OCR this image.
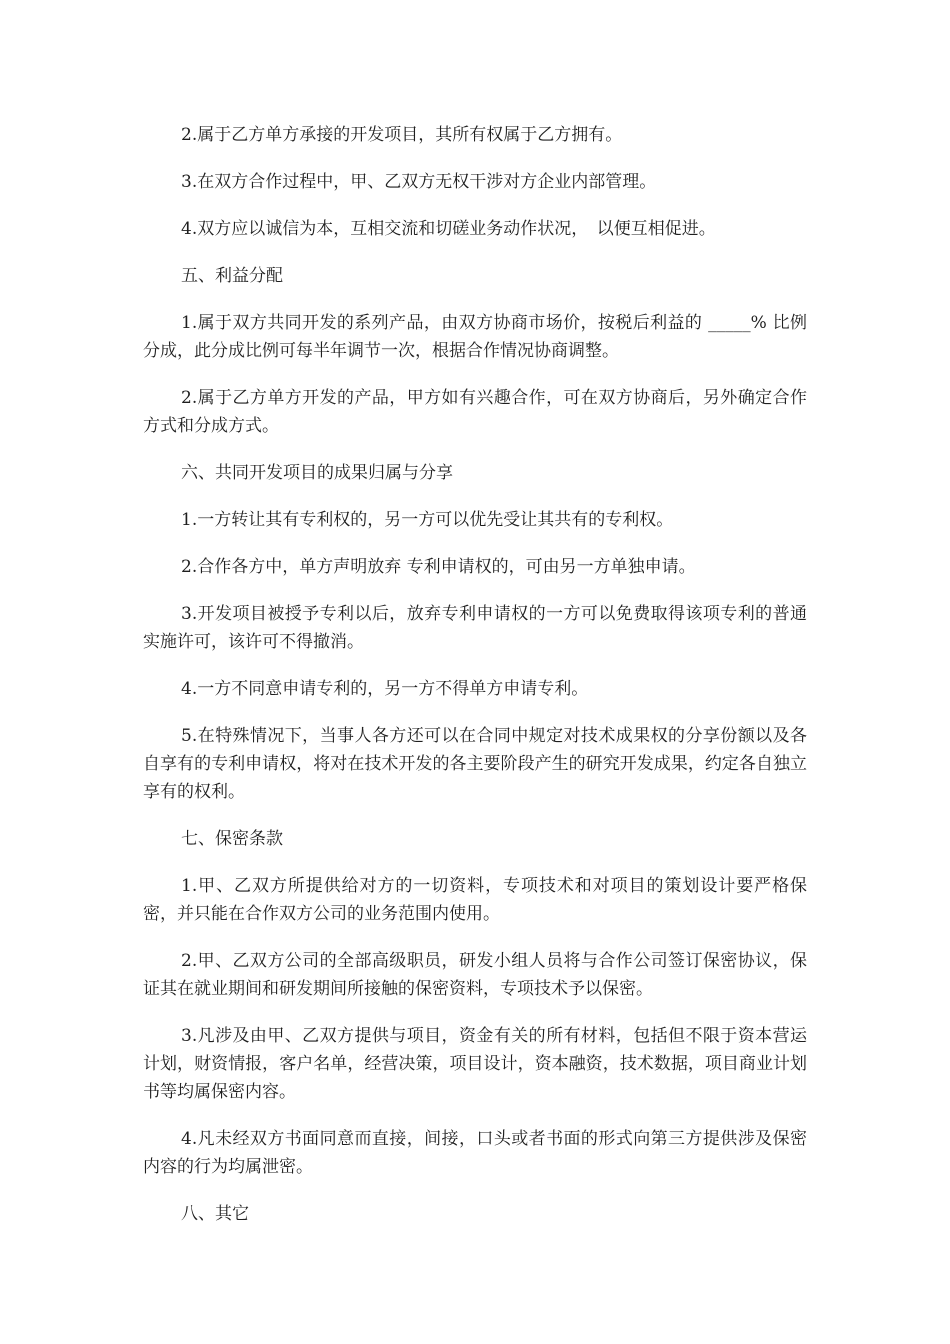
2.属于乙方单方承接的开发项目，其所有权属于乙方拥有。

3.在双方合作过程中，甲、乙双方无权干涉对方企业内部管理。

4.双方应以诚信为本，互相交流和切磋业务动作状况，　以便互相促进。

五、利益分配

1.属于双方共同开发的系列产品，由双方协商市场价，按税后利益的 _____% 比例分成，此分成比例可每半年调节一次，根据合作情况协商调整。

2.属于乙方单方开发的产品，甲方如有兴趣合作，可在双方协商后，另外确定合作方式和分成方式。

六、共同开发项目的成果归属与分享

1.一方转让其有专利权的，另一方可以优先受让其共有的专利权。

2.合作各方中，单方声明放弃 专利申请权的，可由另一方单独申请。

3.开发项目被授予专利以后，放弃专利申请权的一方可以免费取得该项专利的普通实施许可，该许可不得撤消。

4.一方不同意申请专利的，另一方不得单方申请专利。

5.在特殊情况下，当事人各方还可以在合同中规定对技术成果权的分享份额以及各自享有的专利申请权，将对在技术开发的各主要阶段产生的研究开发成果，约定各自独立享有的权利。

七、保密条款

1.甲、乙双方所提供给对方的一切资料，专项技术和对项目的策划设计要严格保密，并只能在合作双方公司的业务范围内使用。

2.甲、乙双方公司的全部高级职员，研发小组人员将与合作公司签订保密协议，保证其在就业期间和研发期间所接触的保密资料，专项技术予以保密。

3.凡涉及由甲、乙双方提供与项目，资金有关的所有材料，包括但不限于资本营运计划，财资情报，客户名单，经营决策，项目设计，资本融资，技术数据，项目商业计划书等均属保密内容。

4.凡未经双方书面同意而直接，间接，口头或者书面的形式向第三方提供涉及保密内容的行为均属泄密。

八、其它
